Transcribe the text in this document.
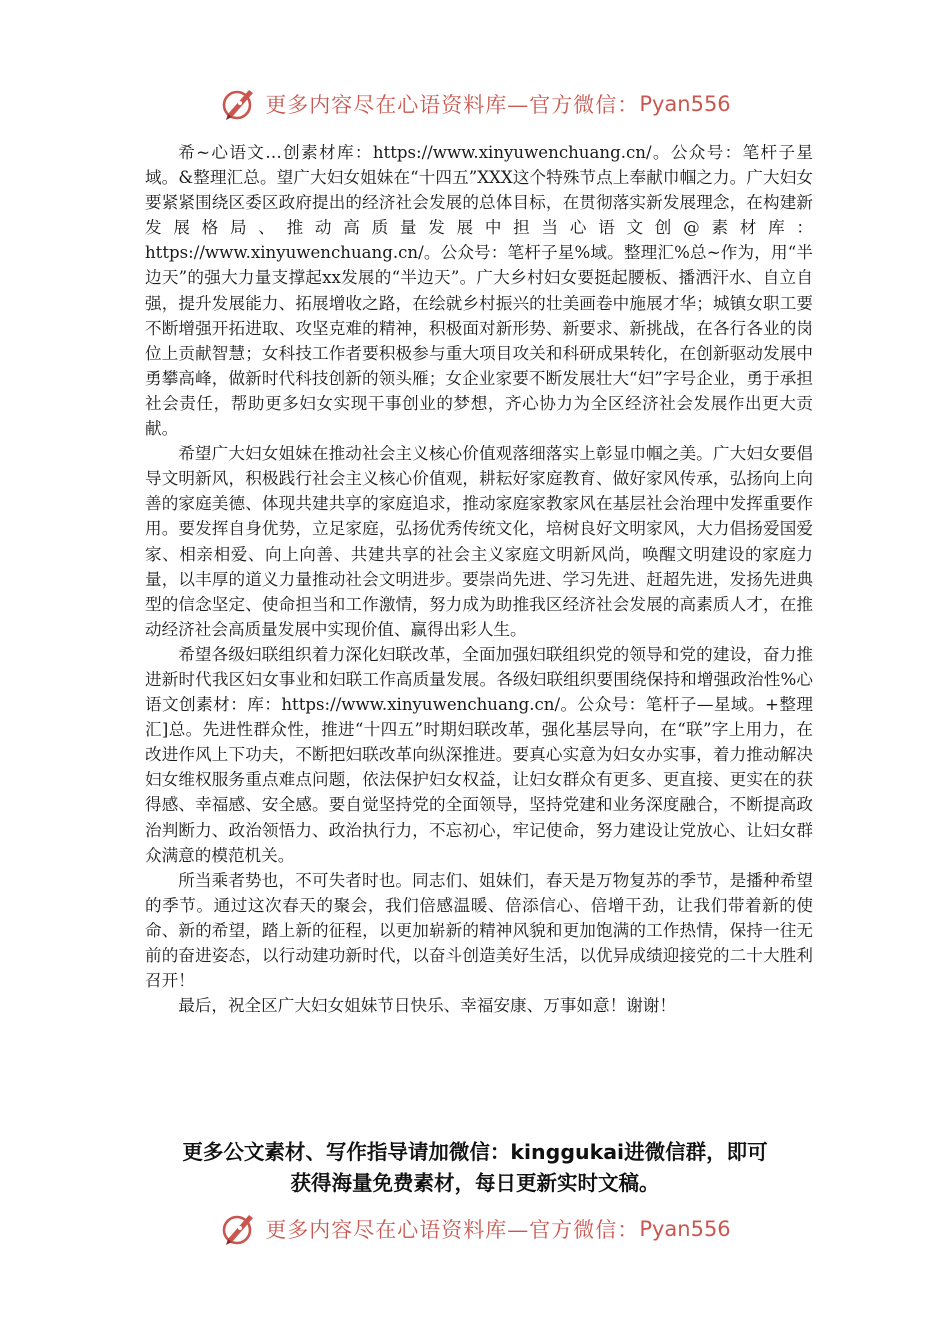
更多内容尽在心语资料库—官方微信： Pyan556

希~心语文…创素材库：https://www.xinyuwenchuang.cn/。公众号：笔杆子星域。&整理汇总。望广大妇女姐妹在“十四五”XXX这个特殊节点上奉献巾帼之力。广大妇女要紧紧围绕区委区政府提出的经济社会发展的总体目标，在贯彻落实新发展理念，在构建新发展格局、推动高质量发展中担当心语文创@素材库：https://www.xinyuwenchuang.cn/。公众号：笔杆子星%域。整理汇%总~作为，用“半边天”的强大力量支撑起xx发展的“半边天”。广大乡村妇女要挺起腰板、播洒汗水、自立自强，提升发展能力、拓展增收之路，在绘就乡村振兴的壮美画卷中施展才华；城镇女职工要不断增强开拓进取、攻坚克难的精神，积极面对新形势、新要求、新挑战，在各行各业的岗位上贡献智慧；女科技工作者要积极参与重大项目攻关和科研成果转化，在创新驱动发展中勇攀高峰，做新时代科技创新的领头雁；女企业家要不断发展壮大“妇”字号企业，勇于承担社会责任，帮助更多妇女实现干事创业的梦想，齐心协力为全区经济社会发展作出更大贡献。

希望广大妇女姐妹在推动社会主义核心价值观落细落实上彰显巾帼之美。广大妇女要倡导文明新风，积极践行社会主义核心价值观，耕耘好家庭教育、做好家风传承，弘扬向上向善的家庭美德、体现共建共享的家庭追求，推动家庭家教家风在基层社会治理中发挥重要作用。要发挥自身优势，立足家庭，弘扬优秀传统文化，培树良好文明家风，大力倡扬爱国爱家、相亲相爱、向上向善、共建共享的社会主义家庭文明新风尚，唤醒文明建设的家庭力量，以丰厚的道义力量推动社会文明进步。要崇尚先进、学习先进、赶超先进，发扬先进典型的信念坚定、使命担当和工作激情，努力成为助推我区经济社会发展的高素质人才，在推动经济社会高质量发展中实现价值、赢得出彩人生。

希望各级妇联组织着力深化妇联改革，全面加强妇联组织党的领导和党的建设，奋力推进新时代我区妇女事业和妇联工作高质量发展。各级妇联组织要围绕保持和增强政治性%心语文创素材：库：https://www.xinyuwenchuang.cn/。公众号：笔杆子—星域。+整理汇]总。先进性群众性，推进“十四五”时期妇联改革，强化基层导向，在“联”字上用力，在改进作风上下功夫，不断把妇联改革向纵深推进。要真心实意为妇女办实事，着力推动解决妇女维权服务重点难点问题，依法保护妇女权益，让妇女群众有更多、更直接、更实在的获得感、幸福感、安全感。要自觉坚持党的全面领导，坚持党建和业务深度融合，不断提高政治判断力、政治领悟力、政治执行力，不忘初心，牢记使命，努力建设让党放心、让妇女群众满意的模范机关。

所当乘者势也，不可失者时也。同志们、姐妹们，春天是万物复苏的季节，是播种希望的季节。通过这次春天的聚会，我们倍感温暖、倍添信心、倍增干劲，让我们带着新的使命、新的希望，踏上新的征程，以更加崭新的精神风貌和更加饱满的工作热情，保持一往无前的奋进姿态，以行动建功新时代，以奋斗创造美好生活，以优异成绩迎接党的二十大胜利召开！

最后，祝全区广大妇女姐妹节日快乐、幸福安康、万事如意！谢谢！

更多公文素材、写作指导请加微信：kinggukai进微信群，即可
获得海量免费素材，每日更新实时文稿。
更多内容尽在心语资料库—官方微信： Pyan556
